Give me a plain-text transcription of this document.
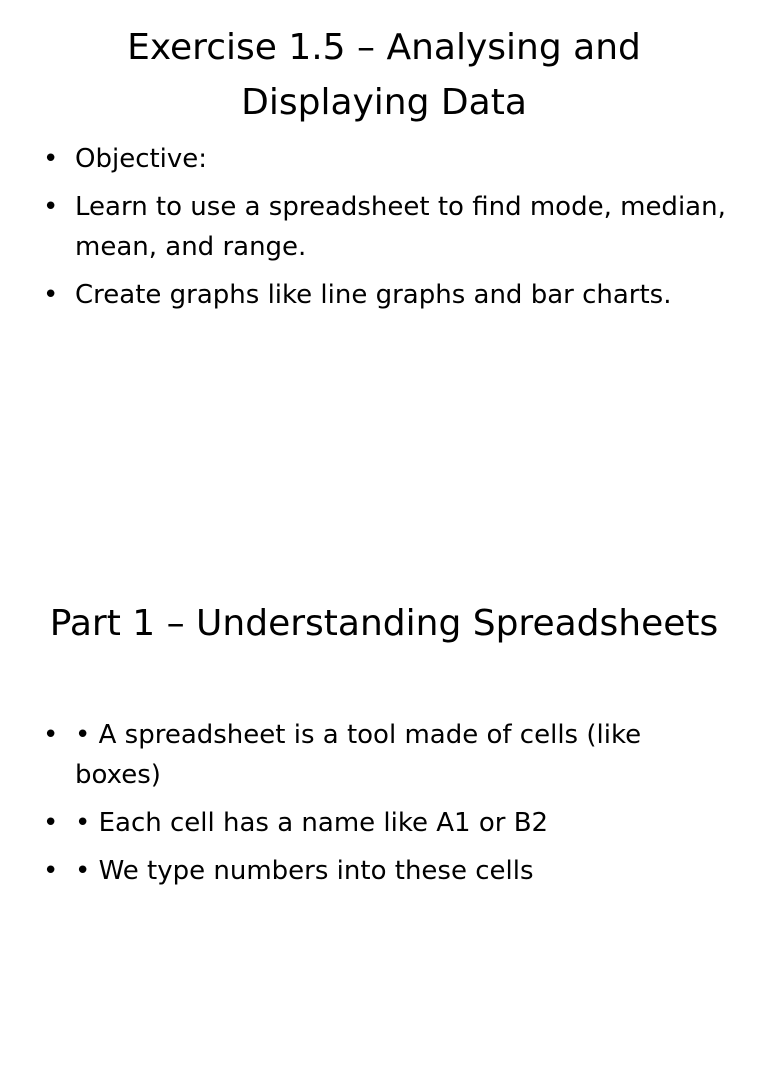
Exercise 1.5 – Analysing and Displaying Data
• Objective:
• Learn to use a spreadsheet to find mode, median, mean, and range.
• Create graphs like line graphs and bar charts.
Part 1 – Understanding Spreadsheets
• • A spreadsheet is a tool made of cells (like boxes)
• • Each cell has a name like A1 or B2
• • We type numbers into these cells
